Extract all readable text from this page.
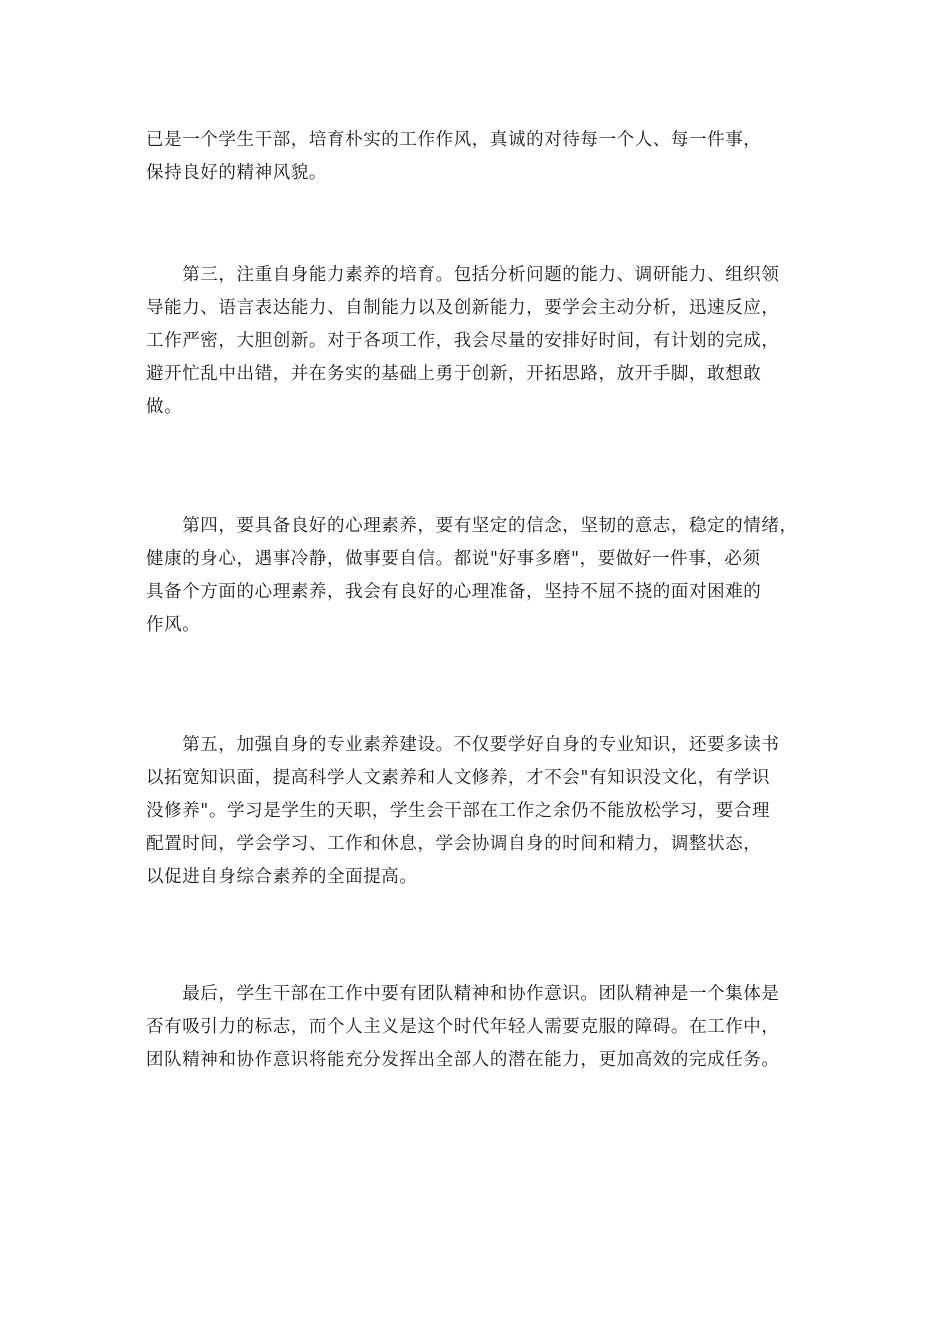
已是一个学生干部，培育朴实的工作作风，真诚的对待每一个人、每一件事，
保持良好的精神风貌。
　　第三，注重自身能力素养的培育。包括分析问题的能力、调研能力、组织领
导能力、语言表达能力、自制能力以及创新能力，要学会主动分析，迅速反应，
工作严密，大胆创新。对于各项工作，我会尽量的安排好时间，有计划的完成，
避开忙乱中出错，并在务实的基础上勇于创新，开拓思路，放开手脚，敢想敢
做。
　　第四，要具备良好的心理素养，要有坚定的信念，坚韧的意志，稳定的情绪，
健康的身心，遇事冷静，做事要自信。都说"好事多磨"，要做好一件事，必须
具备个方面的心理素养，我会有良好的心理准备，坚持不屈不挠的面对困难的
作风。
　　第五，加强自身的专业素养建设。不仅要学好自身的专业知识，还要多读书
以拓宽知识面，提高科学人文素养和人文修养，才不会"有知识没文化，有学识
没修养"。学习是学生的天职，学生会干部在工作之余仍不能放松学习，要合理
配置时间，学会学习、工作和休息，学会协调自身的时间和精力，调整状态，
以促进自身综合素养的全面提高。
　　最后，学生干部在工作中要有团队精神和协作意识。团队精神是一个集体是
否有吸引力的标志，而个人主义是这个时代年轻人需要克服的障碍。在工作中，
团队精神和协作意识将能充分发挥出全部人的潜在能力，更加高效的完成任务。
